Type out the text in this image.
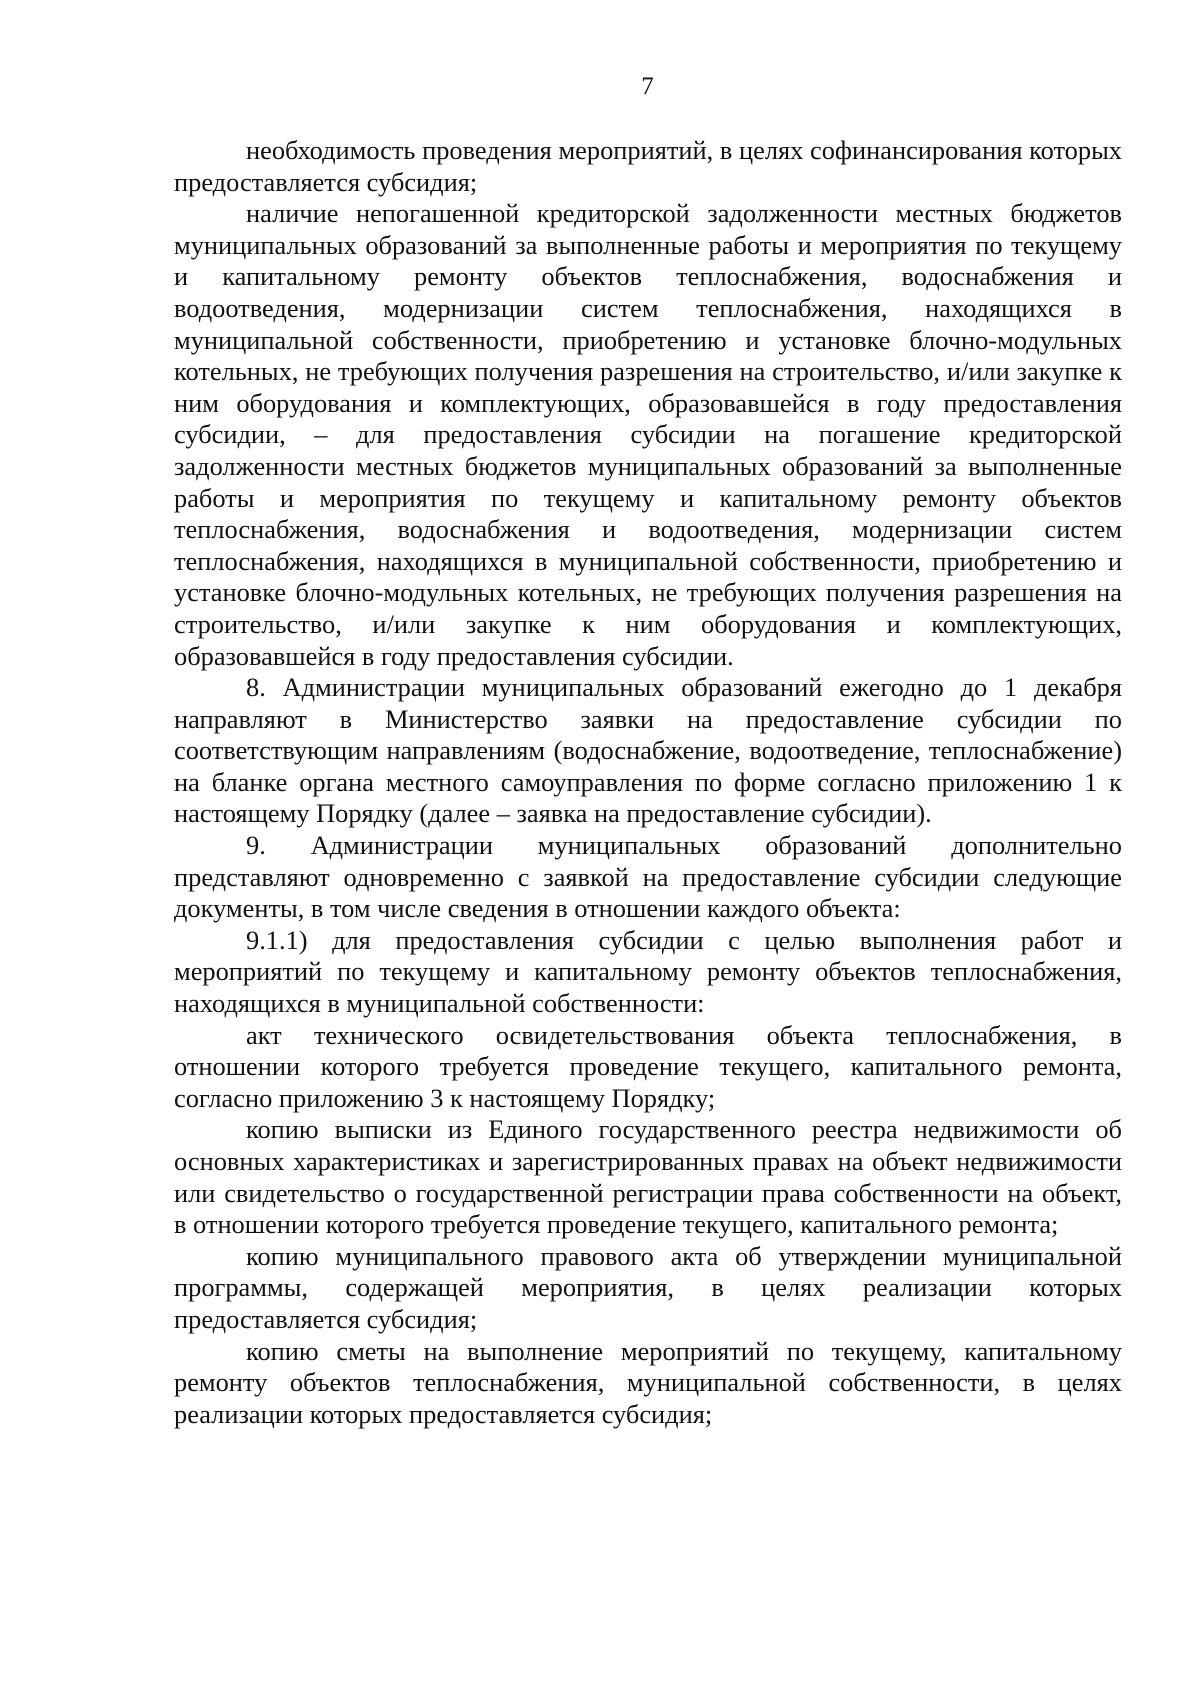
7

необходимость проведения мероприятий, в целях софинансирования которых предоставляется субсидия;

наличие непогашенной кредиторской задолженности местных бюджетов муниципальных образований за выполненные работы и мероприятия по текущему и капитальному ремонту объектов теплоснабжения, водоснабжения и водоотведения, модернизации систем теплоснабжения, находящихся в муниципальной собственности, приобретению и установке блочно-модульных котельных, не требующих получения разрешения на строительство, и/или закупке к ним оборудования и комплектующих, образовавшейся в году предоставления субсидии, – для предоставления субсидии на погашение кредиторской задолженности местных бюджетов муниципальных образований за выполненные работы и мероприятия по текущему и капитальному ремонту объектов теплоснабжения, водоснабжения и водоотведения, модернизации систем теплоснабжения, находящихся в муниципальной собственности, приобретению и установке блочно-модульных котельных, не требующих получения разрешения на строительство, и/или закупке к ним оборудования и комплектующих, образовавшейся в году предоставления субсидии.

8. Администрации муниципальных образований ежегодно до 1 декабря направляют в Министерство заявки на предоставление субсидии по соответствующим направлениям (водоснабжение, водоотведение, теплоснабжение) на бланке органа местного самоуправления по форме согласно приложению 1 к настоящему Порядку (далее – заявка на предоставление субсидии).

9. Администрации муниципальных образований дополнительно представляют одновременно с заявкой на предоставление субсидии следующие документы, в том числе сведения в отношении каждого объекта:

9.1.1) для предоставления субсидии с целью выполнения работ и мероприятий по текущему и капитальному ремонту объектов теплоснабжения, находящихся в муниципальной собственности:

акт технического освидетельствования объекта теплоснабжения, в отношении которого требуется проведение текущего, капитального ремонта, согласно приложению 3 к настоящему Порядку;

копию выписки из Единого государственного реестра недвижимости об основных характеристиках и зарегистрированных правах на объект недвижимости или свидетельство о государственной регистрации права собственности на объект, в отношении которого требуется проведение текущего, капитального ремонта;

копию муниципального правового акта об утверждении муниципальной программы, содержащей мероприятия, в целях реализации которых предоставляется субсидия;

копию сметы на выполнение мероприятий по текущему, капитальному ремонту объектов теплоснабжения, муниципальной собственности, в целях реализации которых предоставляется субсидия;
